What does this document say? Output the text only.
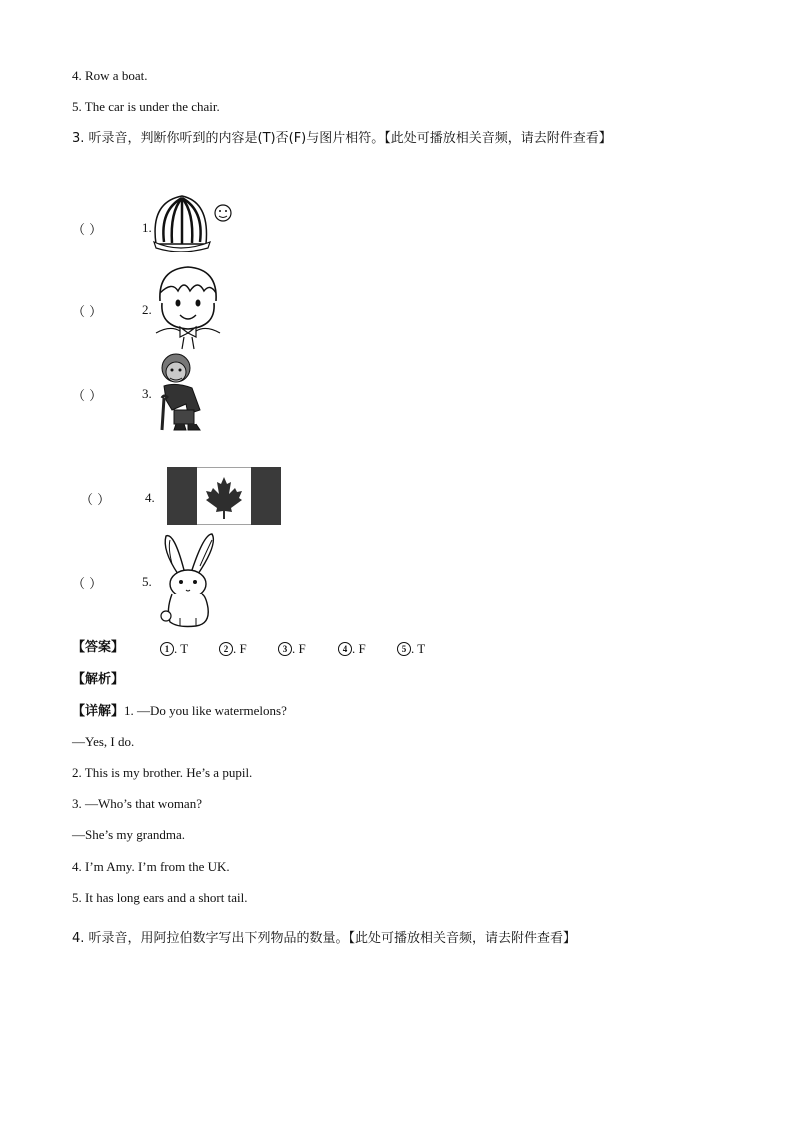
4. Row a boat.
5. The car is under the chair.
3. 听录音，判断你听到的内容是(T)否(F)与图片相符。【此处可播放相关音频，请去附件查看】
（ ）	1.
（ ）	2.
（ ）	3.
（ ）	4.
（ ）	5.
【答案】	1 . T	2 . F	3 . F	4 . F	5 . T
【解析】
【详解】1. —Do you like watermelons?
—Yes, I do.
2. This is my brother. He’s a pupil.
3. —Who’s that woman?
—She’s my grandma.
4. I’m Amy. I’m from the UK.
5. It has long ears and a short tail.
4. 听录音，用阿拉伯数字写出下列物品的数量。【此处可播放相关音频，请去附件查看】
